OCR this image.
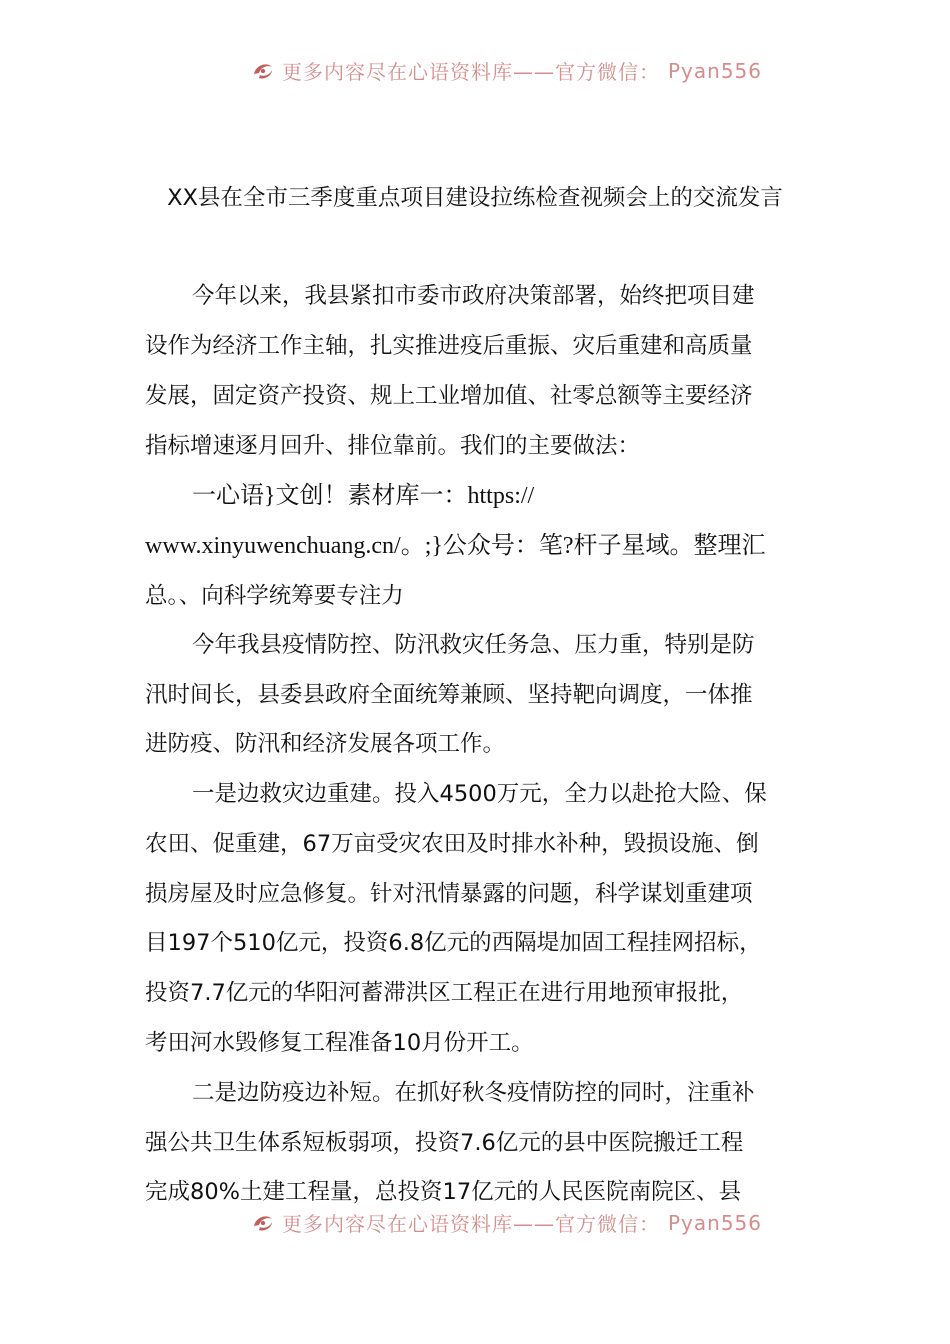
更多内容尽在心语资料库——官方微信： Pyan556
XX县在全市三季度重点项目建设拉练检查视频会上的交流发言
今年以来，我县紧扣市委市政府决策部署，始终把项目建
设作为经济工作主轴，扎实推进疫后重振、灾后重建和高质量
发展，固定资产投资、规上工业增加值、社零总额等主要经济
指标增速逐月回升、排位靠前。我们的主要做法：
一心语}文创！素材库一：https://
www.xinyuwenchuang.cn/。;}公众号：笔?杆子星域。整理汇
总。、向科学统筹要专注力
今年我县疫情防控、防汛救灾任务急、压力重，特别是防
汛时间长，县委县政府全面统筹兼顾、坚持靶向调度，一体推
进防疫、防汛和经济发展各项工作。
一是边救灾边重建。投入4500万元，全力以赴抢大险、保
农田、促重建，67万亩受灾农田及时排水补种，毁损设施、倒
损房屋及时应急修复。针对汛情暴露的问题，科学谋划重建项
目197个510亿元，投资6.8亿元的西隔堤加固工程挂网招标，
投资7.7亿元的华阳河蓄滞洪区工程正在进行用地预审报批，
考田河水毁修复工程准备10月份开工。
二是边防疫边补短。在抓好秋冬疫情防控的同时，注重补
强公共卫生体系短板弱项，投资7.6亿元的县中医院搬迁工程
完成80%土建工程量，总投资17亿元的人民医院南院区、县
更多内容尽在心语资料库——官方微信： Pyan556
